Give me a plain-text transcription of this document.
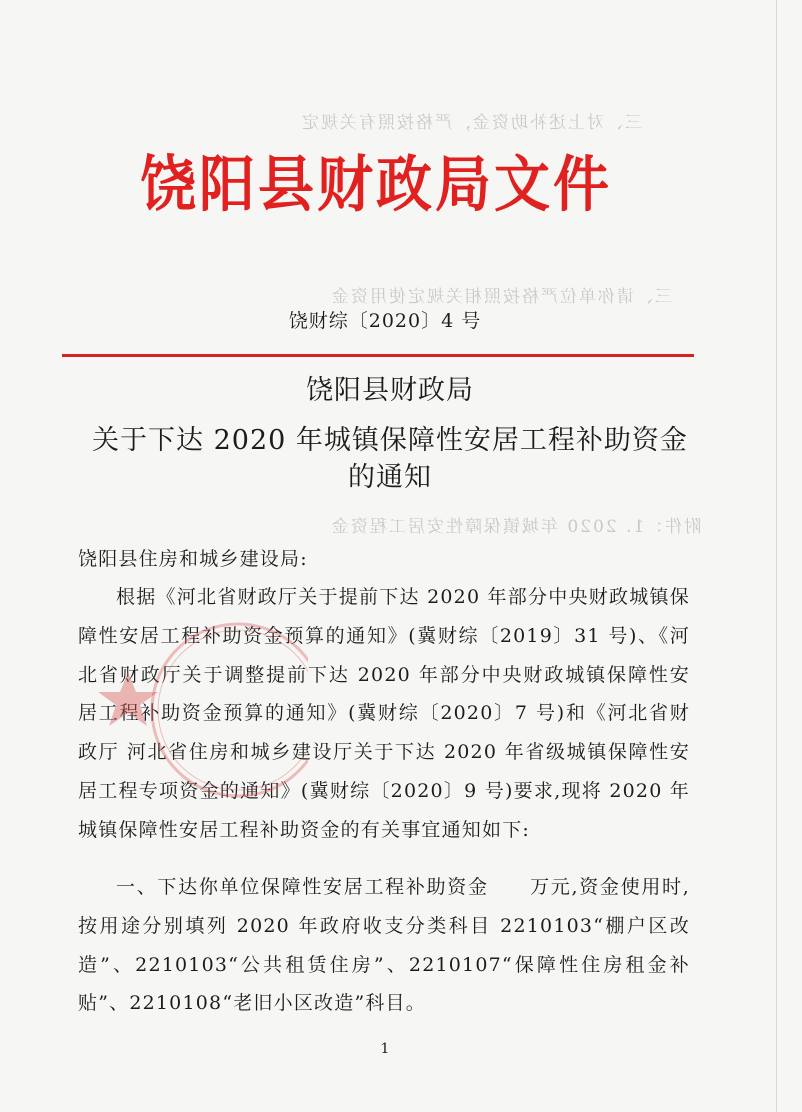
三、对上述补助资金，严格按照有关规定
三、请你单位严格按照相关规定使用资金
附件：1. 2020 年城镇保障性安居工程资金
饶阳县财政局文件
饶财综〔2020〕4 号
饶阳县财政局
关于下达 2020 年城镇保障性安居工程补助资金
的通知
饶阳县住房和城乡建设局:

根据《河北省财政厅关于提前下达 2020 年部分中央财政城镇保障性安居工程补助资金预算的通知》(冀财综〔2019〕31 号)、《河北省财政厅关于调整提前下达 2020 年部分中央财政城镇保障性安居工程补助资金预算的通知》(冀财综〔2020〕7 号)和《河北省财政厅 河北省住房和城乡建设厅关于下达 2020 年省级城镇保障性安居工程专项资金的通知》(冀财综〔2020〕9 号)要求,现将 2020 年城镇保障性安居工程补助资金的有关事宜通知如下:

一、下达你单位保障性安居工程补助资金　　万元,资金使用时,按用途分别填列 2020 年政府收支分类科目 2210103“棚户区改造”、2210103“公共租赁住房”、2210107“保障性住房租金补贴”、2210108“老旧小区改造”科目。

1
